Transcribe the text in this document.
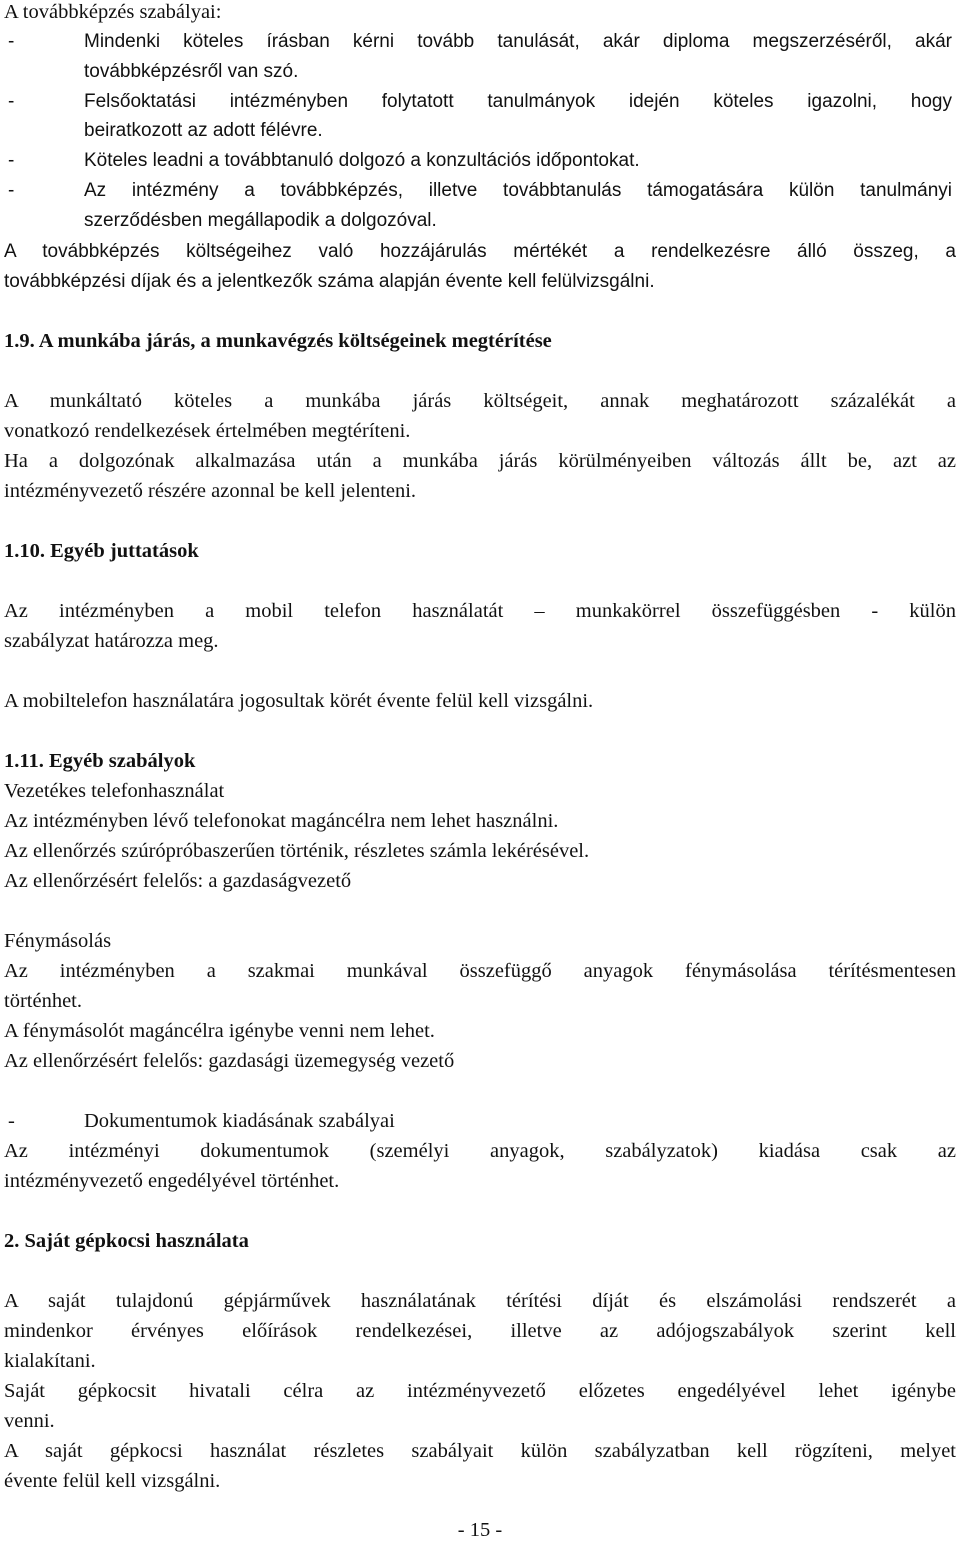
A továbbképzés szabályai:
-	Mindenki köteles írásban kérni tovább tanulását, akár diploma megszerzéséről, akár
továbbképzésről van szó.
-	Felsőoktatási intézményben folytatott tanulmányok idején köteles igazolni, hogy
beiratkozott az adott félévre.
-	Köteles leadni a továbbtanuló dolgozó a konzultációs időpontokat.
-	Az intézmény a továbbképzés, illetve továbbtanulás támogatására külön tanulmányi
szerződésben megállapodik a dolgozóval.
A továbbképzés költségeihez való hozzájárulás mértékét a rendelkezésre álló összeg, a
továbbképzési díjak és a jelentkezők száma alapján évente kell felülvizsgálni.
1.9. A munkába járás, a munkavégzés költségeinek megtérítése
A munkáltató köteles a munkába járás költségeit, annak meghatározott százalékát a
vonatkozó rendelkezések értelmében megtéríteni.
Ha a dolgozónak alkalmazása után a munkába járás körülményeiben változás állt be, azt az
intézményvezető részére azonnal be kell jelenteni.
1.10. Egyéb juttatások
Az intézményben a mobil telefon használatát – munkakörrel összefüggésben - külön
szabályzat határozza meg.
A mobiltelefon használatára jogosultak körét évente felül kell vizsgálni.
1.11. Egyéb szabályok
Vezetékes telefonhasználat
Az intézményben lévő telefonokat magáncélra nem lehet használni.
Az ellenőrzés szúrópróbaszerűen történik, részletes számla lekérésével.
Az ellenőrzésért felelős: a gazdaságvezető
Fénymásolás
Az intézményben a szakmai munkával összefüggő anyagok fénymásolása térítésmentesen
történhet.
A fénymásolót magáncélra igénybe venni nem lehet.
Az ellenőrzésért felelős: gazdasági üzemegység vezető
-	Dokumentumok kiadásának szabályai
Az intézményi dokumentumok (személyi anyagok, szabályzatok) kiadása csak az
intézményvezető engedélyével történhet.
2. Saját gépkocsi használata
A saját tulajdonú gépjárművek használatának térítési díját és elszámolási rendszerét a
mindenkor érvényes előírások rendelkezései, illetve az adójogszabályok szerint kell
kialakítani.
Saját gépkocsit hivatali célra az intézményvezető előzetes engedélyével lehet igénybe
venni.
A saját gépkocsi használat részletes szabályait külön szabályzatban kell rögzíteni, melyet
évente felül kell vizsgálni.
- 15 -
